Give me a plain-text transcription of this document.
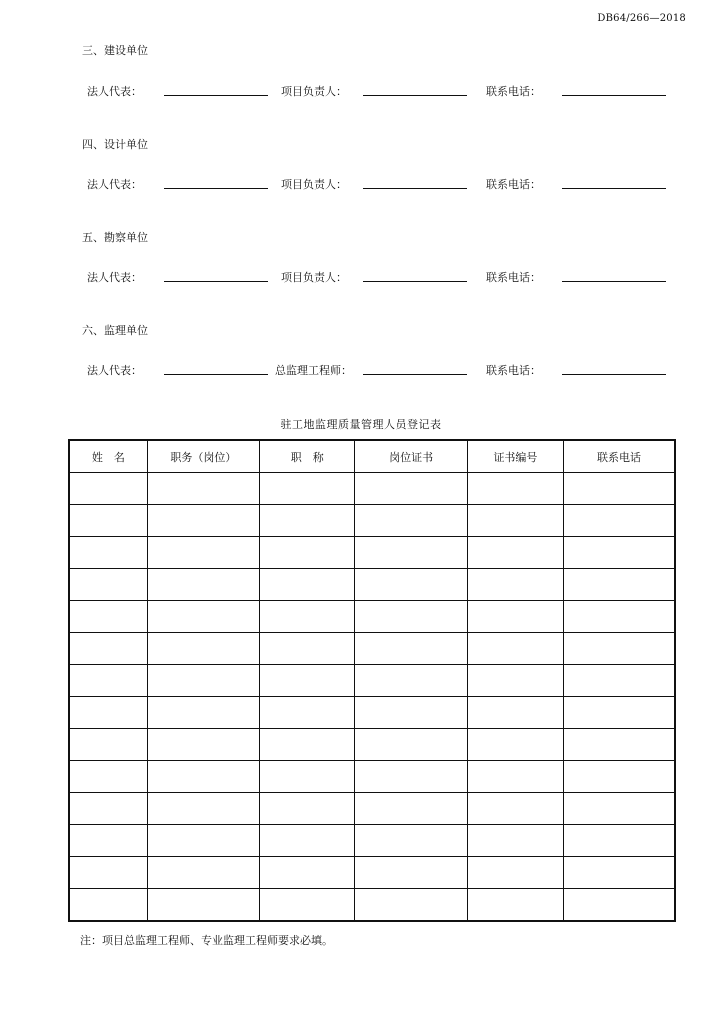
DB64/266—2018
三、建设单位
法人代表：	项目负责人：	联系电话：
四、设计单位
法人代表：	项目负责人：	联系电话：
五、勘察单位
法人代表：	项目负责人：	联系电话：
六、监理单位
法人代表：	总监理工程师：	联系电话：
驻工地监理质量管理人员登记表
姓　名	职务（岗位）	职　称	岗位证书	证书编号	联系电话

注：项目总监理工程师、专业监理工程师要求必填。
